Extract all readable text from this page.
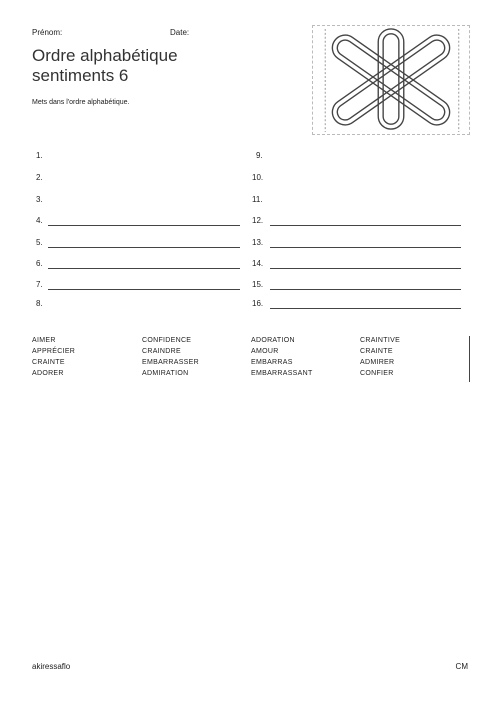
Prénom:	Date:
Ordre alphabétique
sentiments 6
Mets dans l'ordre alphabétique.
1.
2.
3.
4.
5.
6.
7.
8.
9.
10.
11.
12.
13.
14.
15.
16.
AIMER
APPRÉCIER
CRAINTE
ADORER
CONFIDENCE
CRAINDRE
EMBARRASSER
ADMIRATION
ADORATION
AMOUR
EMBARRAS
EMBARRASSANT
CRAINTIVE
CRAINTE
ADMIRER
CONFIER
akiressaflo	CM
